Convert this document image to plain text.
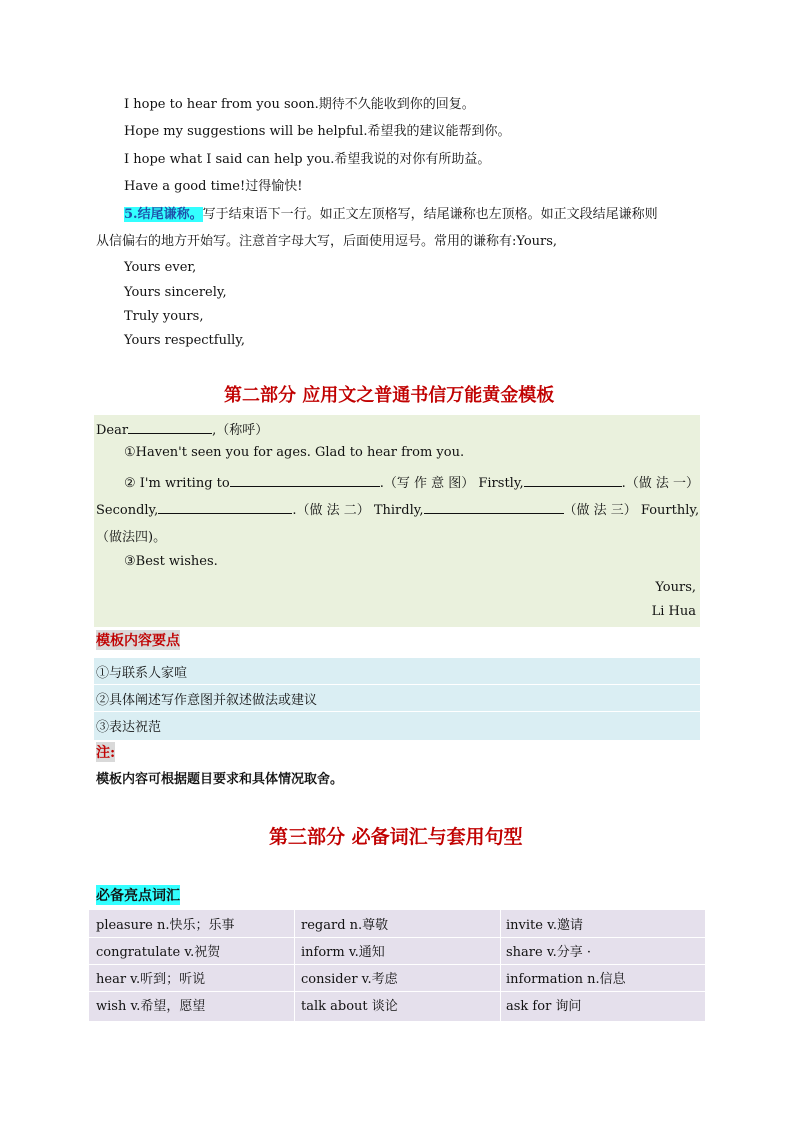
I hope to hear from you soon.期待不久能收到你的回复。
Hope my suggestions will be helpful.希望我的建议能帮到你。
I hope what I said can help you.希望我说的对你有所助益。
Have a good time!过得愉快!
5.结尾谦称。写于结束语下一行。如正文左顶格写，结尾谦称也左顶格。如正文段结尾谦称则
从信偏右的地方开始写。注意首字母大写，后面使用逗号。常用的谦称有:Yours,
Yours ever,
Yours sincerely,
Truly yours,
Yours respectfully,
第二部分 应用文之普通书信万能黄金模板
Dear	,（称呼）
①Haven't seen you for ages. Glad to hear from you.
② I'm writing to	.（写 作 意 图） Firstly,	.（做 法 一）
Secondly,	.（做 法 二） Thirdly,	（做 法 三） Fourthly,
（做法四)。
③Best wishes.
Yours,
Li Hua
模板内容要点
①与联系人家喧
②具体阐述写作意图并叙述做法或建议
③表达祝范
注:
模板内容可根据题目要求和具体情况取舍。
第三部分 必备词汇与套用句型
必备亮点词汇
pleasure n.快乐；乐事	regard n.尊敬	invite v.邀请
congratulate v.祝贺	inform v.通知	share v.分享 ·
hear v.听到；听说	consider v.考虑	information n.信息
wish v.希望，愿望	talk about 谈论	ask for 询问
